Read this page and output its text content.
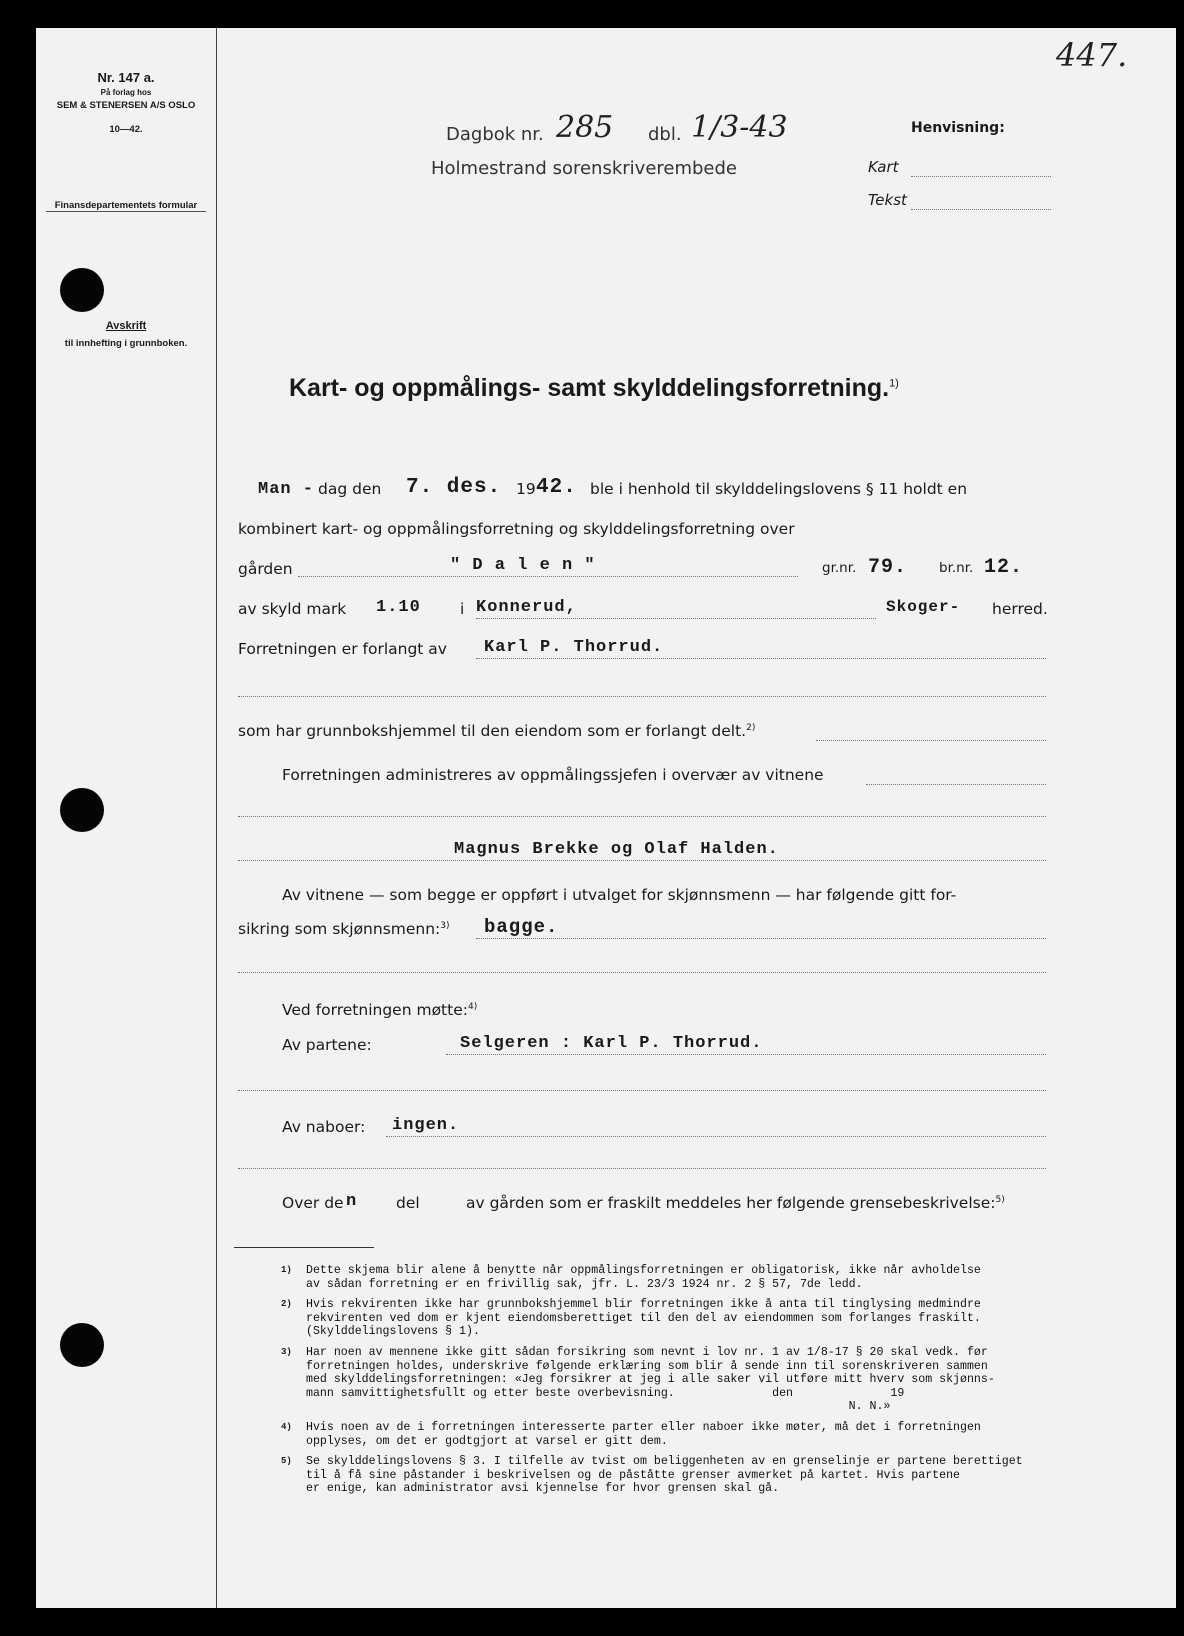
Nr. 147 a.
På forlag hos
SEM & STENERSEN A/S OSLO
10—42.
Finansdepartementets formular
Avskrift
til innhefting i grunnboken.
447.
Dagbok nr. 285 dbl. 1/3-43
Holmestrand sorenskriverembede
Henvisning:
Kart
Tekst
Kart- og oppmålings- samt skylddelingsforretning.$^{1)}$
Man - dag den 7. des. 19 42. ble i henhold til skylddelingslovens § 11 holdt en
kombinert kart- og oppmålingsforretning og skylddelingsforretning over
gården	" D a l e n "	gr.nr. 79. br.nr. 12.
av skyld mark 1.10	i Konnerud,	Skoger- herred.
Forretningen er forlangt av Karl P. Thorrud.
som har grunnbokshjemmel til den eiendom som er forlangt delt.$^{2)}$
Forretningen administreres av oppmålingssjefen i overvær av vitnene
Magnus Brekke og Olaf Halden.
Av vitnene — som begge er oppført i utvalget for skjønnsmenn — har følgende gitt for-
sikring som skjønnsmenn:$^{3)}$ bagge.
Ved forretningen møtte:$^{4)}$
Av partene:	Selgeren : Karl P. Thorrud.
Av naboer: ingen.
Over de n	del	av gården som er fraskilt meddeles her følgende grensebeskrivelse:$^{5)}$
1) Dette skjema blir alene å benytte når oppmålingsforretningen er obligatorisk, ikke når avholdelse
av sådan forretning er en frivillig sak, jfr. L. 23/3 1924 nr. 2 § 57, 7de ledd.
2) Hvis rekvirenten ikke har grunnbokshjemmel blir forretningen ikke å anta til tinglysing medmindre
rekvirenten ved dom er kjent eiendomsberettiget til den del av eiendommen som forlanges fraskilt.
(Skylddelingslovens § 1).
3) Har noen av mennene ikke gitt sådan forsikring som nevnt i lov nr. 1 av 1/8-17 § 20 skal vedk. før
forretningen holdes, underskrive følgende erklæring som blir å sende inn til sorenskriveren sammen
med skylddelingsforretningen: «Jeg forsikrer at jeg i alle saker vil utføre mitt hverv som skjønns-
mann samvittighetsfullt og etter beste overbevisning.              den              19
N. N.»
4) Hvis noen av de i forretningen interesserte parter eller naboer ikke møter, må det i forretningen
opplyses, om det er godtgjort at varsel er gitt dem.
5) Se skylddelingslovens § 3. I tilfelle av tvist om beliggenheten av en grenselinje er partene berettiget
til å få sine påstander i beskrivelsen og de påståtte grenser avmerket på kartet. Hvis partene
er enige, kan administrator avsi kjennelse for hvor grensen skal gå.
